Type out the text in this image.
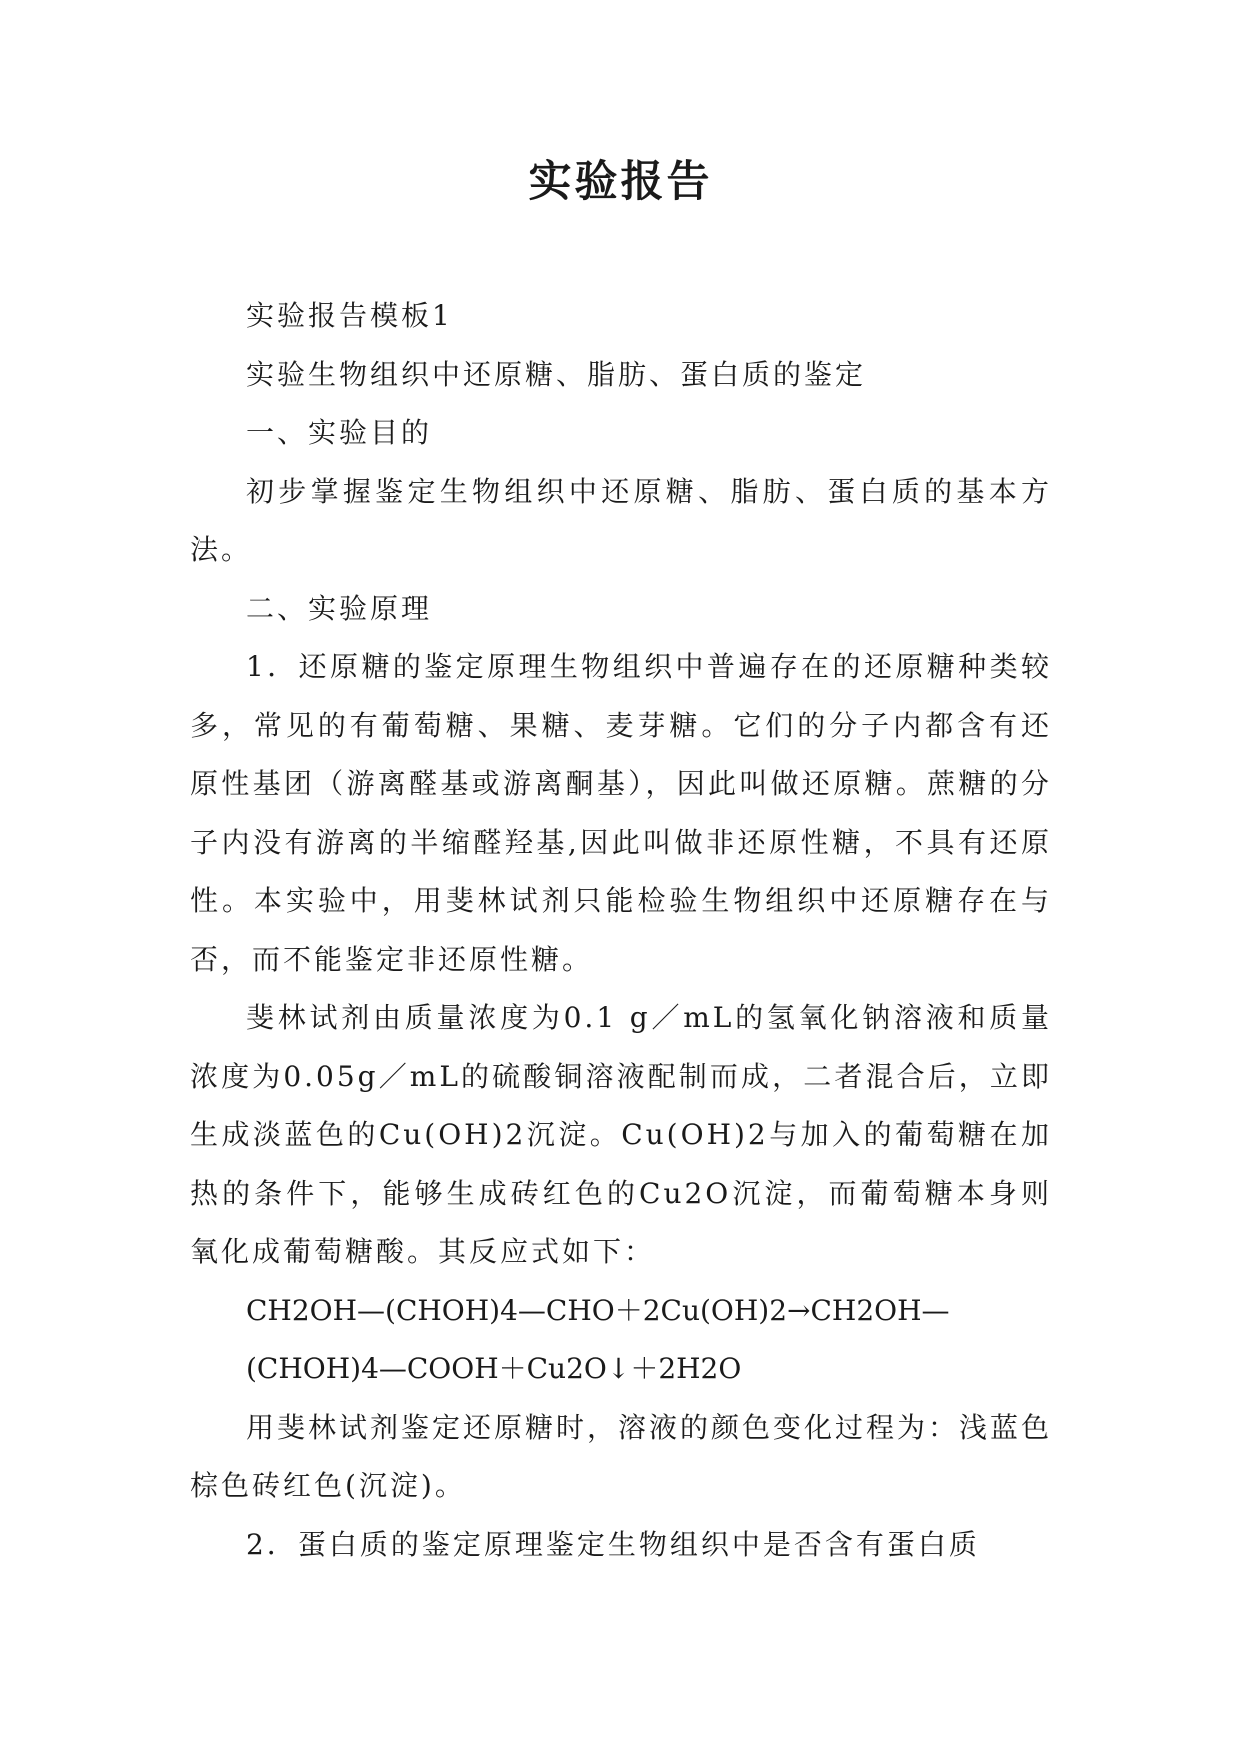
实验报告

实验报告模板1

实验生物组织中还原糖、脂肪、蛋白质的鉴定

一、实验目的

初步掌握鉴定生物组织中还原糖、脂肪、蛋白质的基本方法。

二、实验原理

1．还原糖的鉴定原理生物组织中普遍存在的还原糖种类较多，常见的有葡萄糖、果糖、麦芽糖。它们的分子内都含有还原性基团（游离醛基或游离酮基），因此叫做还原糖。蔗糖的分子内没有游离的半缩醛羟基,因此叫做非还原性糖，不具有还原性。本实验中，用斐林试剂只能检验生物组织中还原糖存在与否，而不能鉴定非还原性糖。

斐林试剂由质量浓度为0.1 g／mL的氢氧化钠溶液和质量浓度为0.05g／mL的硫酸铜溶液配制而成，二者混合后，立即生成淡蓝色的Cu(OH)2沉淀。Cu(OH)2与加入的葡萄糖在加热的条件下，能够生成砖红色的Cu2O沉淀，而葡萄糖本身则氧化成葡萄糖酸。其反应式如下：

CH2OH—(CHOH)4—CHO＋2Cu(OH)2→CH2OH—

(CHOH)4—COOH＋Cu2O↓＋2H2O

用斐林试剂鉴定还原糖时，溶液的颜色变化过程为：浅蓝色棕色砖红色(沉淀)。

2．蛋白质的鉴定原理鉴定生物组织中是否含有蛋白质
